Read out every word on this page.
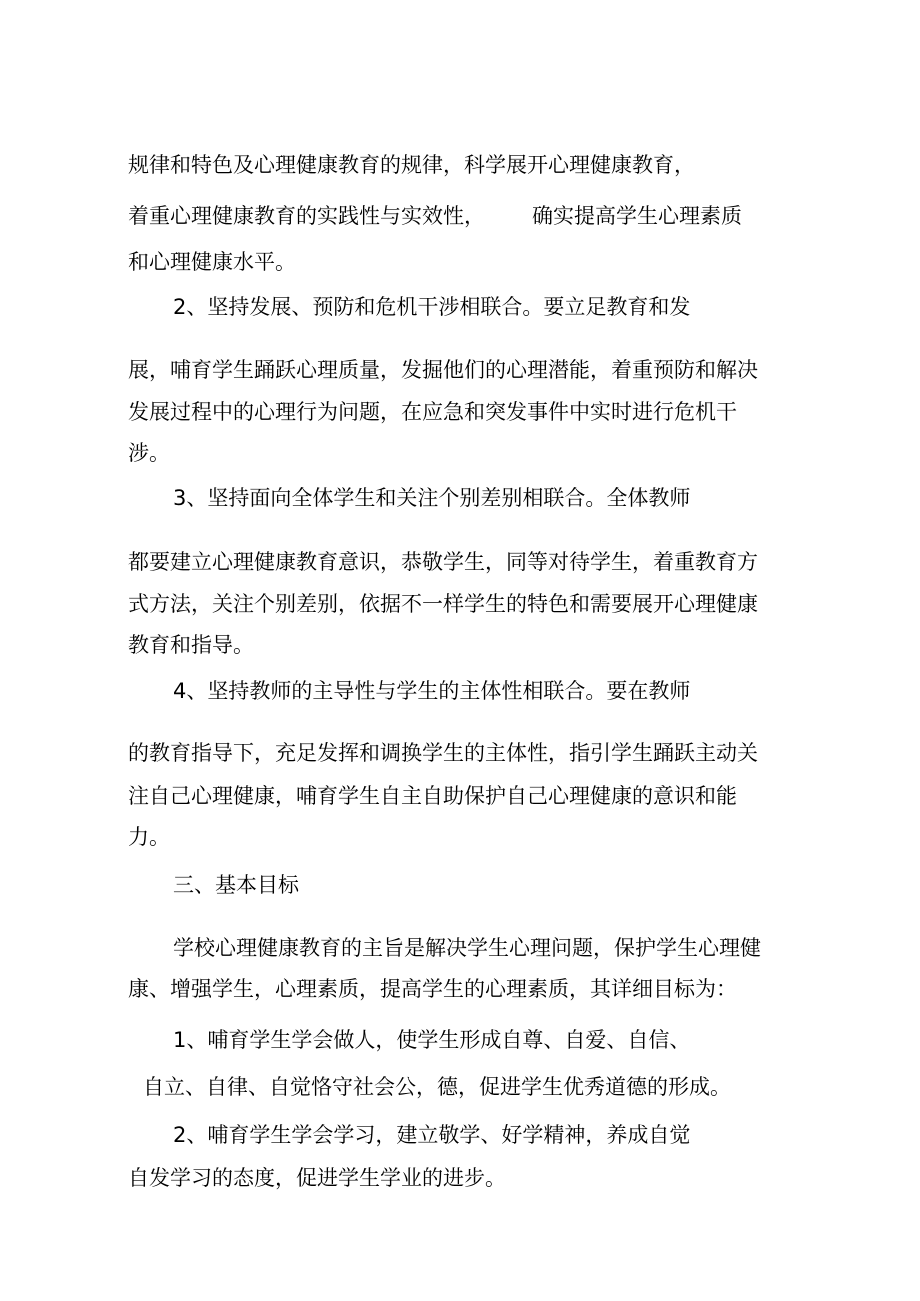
规律和特色及心理健康教育的规律，科学展开心理健康教育，

着重心理健康教育的实践性与实效性， 确实提高学生心理素质

和心理健康水平。

2、坚持发展、预防和危机干涉相联合。要立足教育和发

展，哺育学生踊跃心理质量，发掘他们的心理潜能，着重预防和解决

发展过程中的心理行为问题，在应急和突发事件中实时进行危机干

涉。

3、坚持面向全体学生和关注个别差别相联合。全体教师

都要建立心理健康教育意识，恭敬学生，同等对待学生，着重教育方

式方法，关注个别差别，依据不一样学生的特色和需要展开心理健康

教育和指导。

4、坚持教师的主导性与学生的主体性相联合。要在教师

的教育指导下，充足发挥和调换学生的主体性，指引学生踊跃主动关

注自己心理健康，哺育学生自主自助保护自己心理健康的意识和能

力。

三、基本目标

学校心理健康教育的主旨是解决学生心理问题，保护学生心理健

康、增强学生，心理素质，提高学生的心理素质，其详细目标为：

1、哺育学生学会做人，使学生形成自尊、自爱、自信、

自立、自律、自觉恪守社会公，德，促进学生优秀道德的形成。

2、哺育学生学会学习，建立敬学、好学精神，养成自觉

自发学习的态度，促进学生学业的进步。
